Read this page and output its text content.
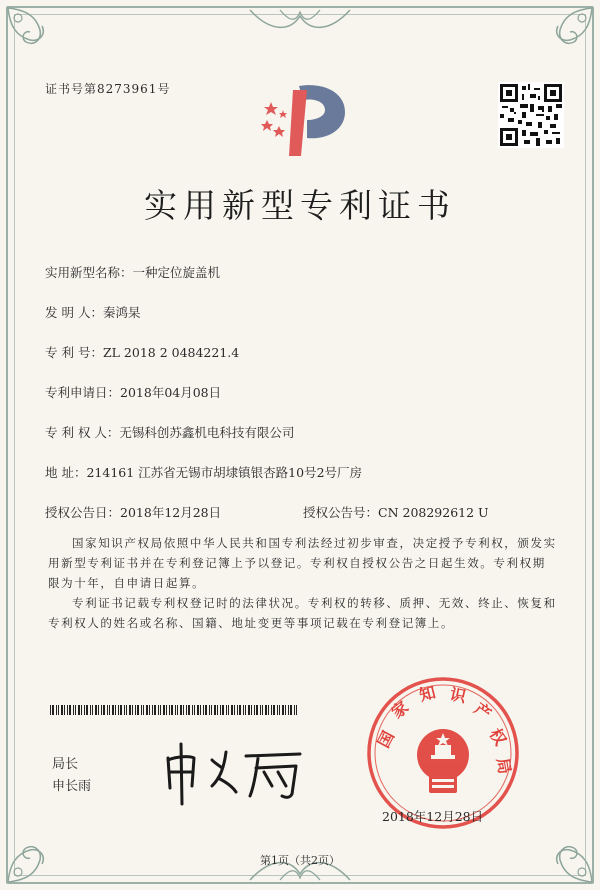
证书号第8273961号
实用新型专利证书
实用新型名称：一种定位旋盖机
发 明 人：秦鸿杲
专 利 号：ZL 2018 2 0484221.4
专利申请日：2018年04月08日
专 利 权 人：无锡科创苏鑫机电科技有限公司
地 址：214161 江苏省无锡市胡埭镇银杏路10号2号厂房
授权公告日：2018年12月28日	授权公告号：CN 208292612 U
国家知识产权局依照中华人民共和国专利法经过初步审查，决定授予专利权，颁发实用新型专利证书并在专利登记簿上予以登记。专利权自授权公告之日起生效。专利权期限为十年，自申请日起算。
专利证书记载专利权登记时的法律状况。专利权的转移、质押、无效、终止、恢复和专利权人的姓名或名称、国籍、地址变更等事项记载在专利登记簿上。
局长
申长雨
国
家
知 识
产
权
局
2018年12月28日
第1页（共2页）
